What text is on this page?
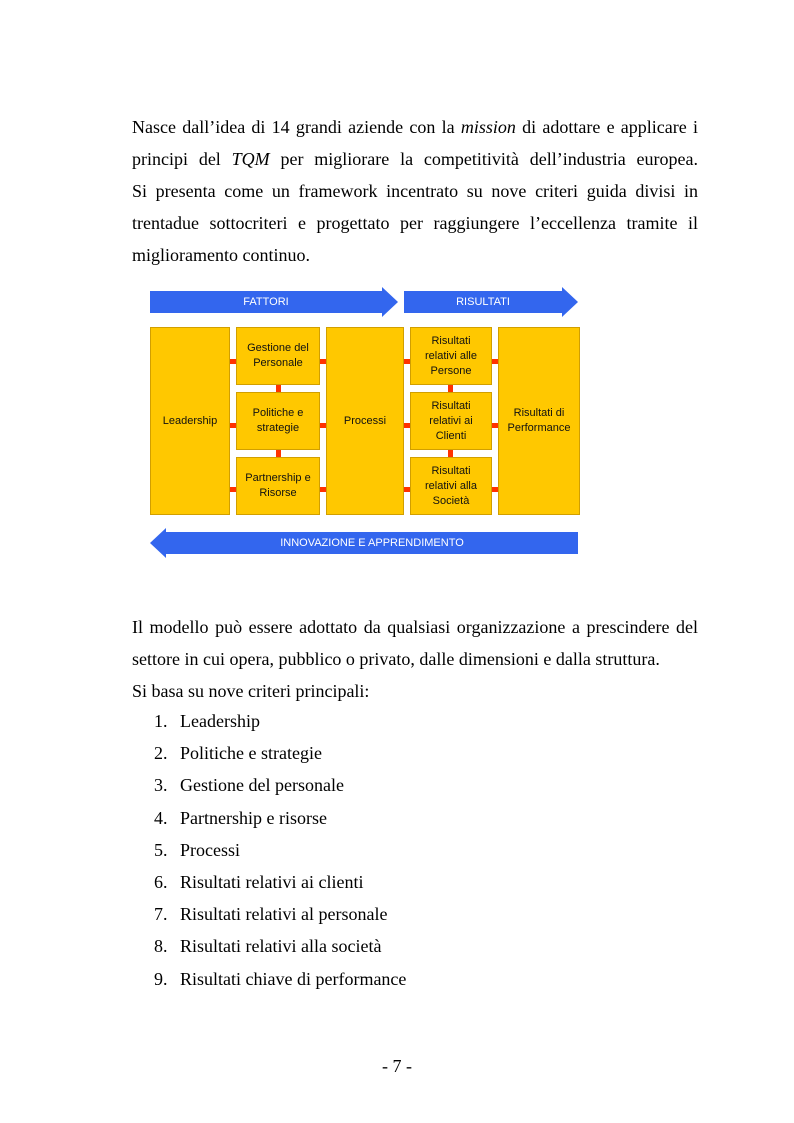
Nasce dall’idea di 14 grandi aziende con la mission di adottare e applicare i
principi del TQM per migliorare la competitività dell’industria europea.

Si presenta come un framework incentrato su nove criteri guida divisi in
trentadue sottocriteri e progettato per raggiungere l’eccellenza tramite il
miglioramento continuo.

FATTORI	RISULTATI
Leadership
Gestione del Personale
Politiche e strategie
Partnership e Risorse
Processi
Risultati relativi alle Persone
Risultati relativi ai Clienti
Risultati relativi alla Società
Risultati di Performance
INNOVAZIONE E APPRENDIMENTO

Il modello può essere adottato da qualsiasi organizzazione a prescindere del
settore in cui opera, pubblico o privato, dalle dimensioni e dalla struttura.

Si basa su nove criteri principali:
1. Leadership
2. Politiche e strategie
3. Gestione del personale
4. Partnership e risorse
5. Processi
6. Risultati relativi ai clienti
7. Risultati relativi al personale
8. Risultati relativi alla società
9. Risultati chiave di performance
- 7 -
